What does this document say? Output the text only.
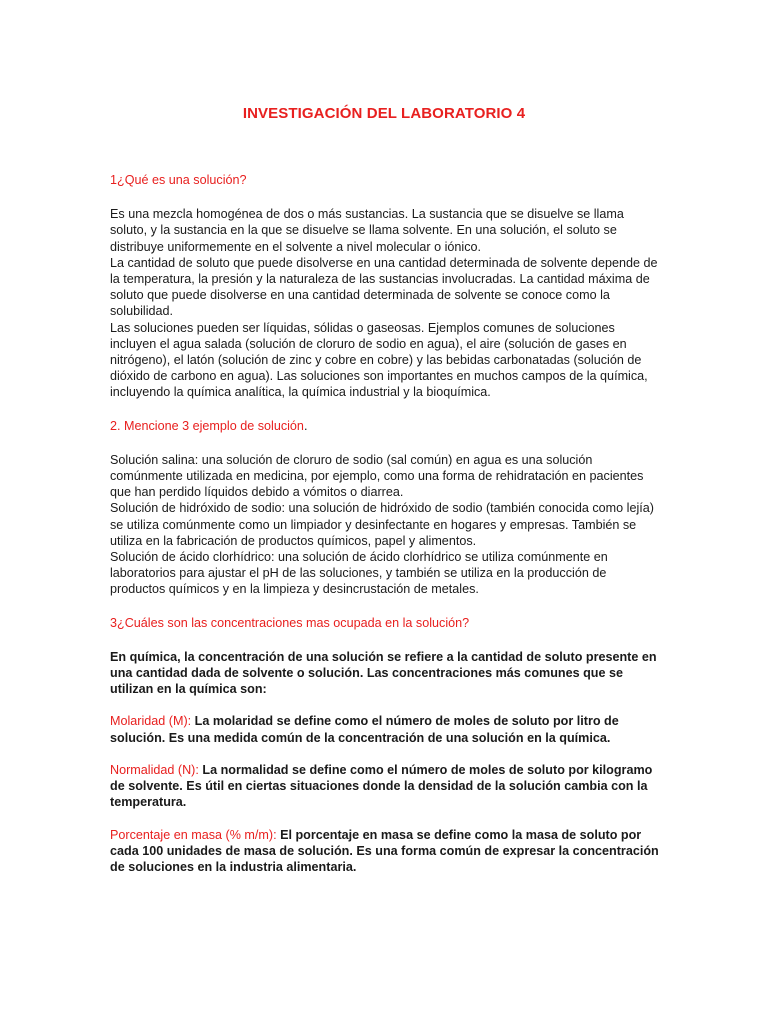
INVESTIGACIÓN DEL LABORATORIO 4

1¿Qué es una solución?

Es una mezcla homogénea de dos o más sustancias. La sustancia que se disuelve se llama soluto, y la sustancia en la que se disuelve se llama solvente. En una solución, el soluto se distribuye uniformemente en el solvente a nivel molecular o iónico.

La cantidad de soluto que puede disolverse en una cantidad determinada de solvente depende de la temperatura, la presión y la naturaleza de las sustancias involucradas. La cantidad máxima de soluto que puede disolverse en una cantidad determinada de solvente se conoce como la solubilidad.

Las soluciones pueden ser líquidas, sólidas o gaseosas. Ejemplos comunes de soluciones incluyen el agua salada (solución de cloruro de sodio en agua), el aire (solución de gases en nitrógeno), el latón (solución de zinc y cobre en cobre) y las bebidas carbonatadas (solución de dióxido de carbono en agua). Las soluciones son importantes en muchos campos de la química, incluyendo la química analítica, la química industrial y la bioquímica.

2. Mencione 3 ejemplo de solución.

Solución salina: una solución de cloruro de sodio (sal común) en agua es una solución comúnmente utilizada en medicina, por ejemplo, como una forma de rehidratación en pacientes que han perdido líquidos debido a vómitos o diarrea.

Solución de hidróxido de sodio: una solución de hidróxido de sodio (también conocida como lejía) se utiliza comúnmente como un limpiador y desinfectante en hogares y empresas. También se utiliza en la fabricación de productos químicos, papel y alimentos.

Solución de ácido clorhídrico: una solución de ácido clorhídrico se utiliza comúnmente en laboratorios para ajustar el pH de las soluciones, y también se utiliza en la producción de productos químicos y en la limpieza y desincrustación de metales.

3¿Cuáles son las concentraciones mas ocupada en la solución?

En química, la concentración de una solución se refiere a la cantidad de soluto presente en una cantidad dada de solvente o solución. Las concentraciones más comunes que se utilizan en la química son:

Molaridad (M): La molaridad se define como el número de moles de soluto por litro de solución. Es una medida común de la concentración de una solución en la química.

Normalidad (N): La normalidad se define como el número de moles de soluto por kilogramo de solvente. Es útil en ciertas situaciones donde la densidad de la solución cambia con la temperatura.

Porcentaje en masa (% m/m): El porcentaje en masa se define como la masa de soluto por cada 100 unidades de masa de solución. Es una forma común de expresar la concentración de soluciones en la industria alimentaria.
